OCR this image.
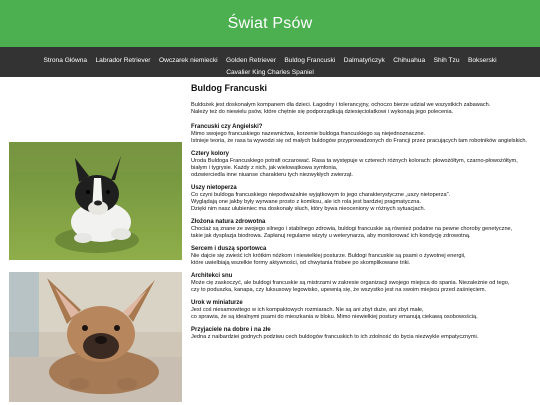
Świat Psów
Strona Główna Labrador Retriever Owczarek niemiecki Golden Retriever Buldog Francuski Dalmatyńczyk Chihuahua Shih Tzu Bokserski Cavalier King Charles Spaniel
Buldog Francuski

Buldożek jest doskonałym kompanem dla dzieci. Łagodny i tolerancyjny, ochoczo bierze udział we wszystkich zabawach.

Należy też do niewielu psów, które chętnie się podporządkują dziesięciolatkowi i wykonają jego polecenia.

Francuski czy Angielski?

Mimo swojego francuskiego nazewnictwa, korzenie buldoga francuskiego są niejednoznaczne.

Istnieje teoria, że rasa ta wywodzi się od małych buldogów przyprowadzonych do Francji przez pracujących tam robotników angielskich.

Cztery kolory

Uroda Buldoga Francuskiego potrafi oczarować. Rasa ta występuje w czterech różnych kolorach: płowożółtym, czarno-płowożółtym, białym i tygrysie. Każdy z nich, jak wielowątkowa symfonia,

odzwierciedla inne niuanse charakteru tych niezwykłych zwierząt.

Uszy nietoperza

Co czyni buldoga francuskiego niepodważalnie wyjątkowym to jego charakterystyczne „uszy nietoperza".

Wyglądają one jakby były wyrwane prosto z komiksu, ale ich rola jest bardziej pragmatyczna.

Dzięki nim nasz ulubieniec ma doskonały słuch, który bywa nieoceniony w różnych sytuacjach.

Złożona natura zdrowotna

Chociaż są znane ze swojego silnego i stabilnego zdrowia, buldogi francuskie są również podatne na pewne choroby genetyczne,

takie jak dysplazja biodrowa. Zapłanuj regularne wizyty u weterynarza, aby monitorować ich kondycję zdrowotną.

Sercem i duszą sportowca

Nie dajcie się zwieść ich krótkim nóżkom i niewielkiej posturze. Buldogi francuskie są psami o żywotnej energii,

które uwielbiają wszelkie formy aktywności, od chwytania frisbee po skomplikowane triki.

Architekci snu

Może cię zaskoczyć, ale buldogi francuskie są mistrzami w zakresie organizacji swojego miejsca do spania. Niezależnie od tego,

czy to poduszka, kanapa, czy luksusowy legowisko, upewnią się, że wszystko jest na swoim miejscu przed zaśnięciem.

Urok w miniaturze

Jest coś niesamowitego w ich kompaktowych rozmiarach. Nie są ani zbyt duże, ani zbyt małe,

co sprawia, że są idealnymi psami do mieszkania w bloku. Mimo niewielkiej postury emanują ciekawą osobowością.

Przyjaciele na dobre i na złe

Jedna z naibardziei godnych podziwu cech buldogów francuskich to ich zdolność do bycia niezwykle empatycznymi.
